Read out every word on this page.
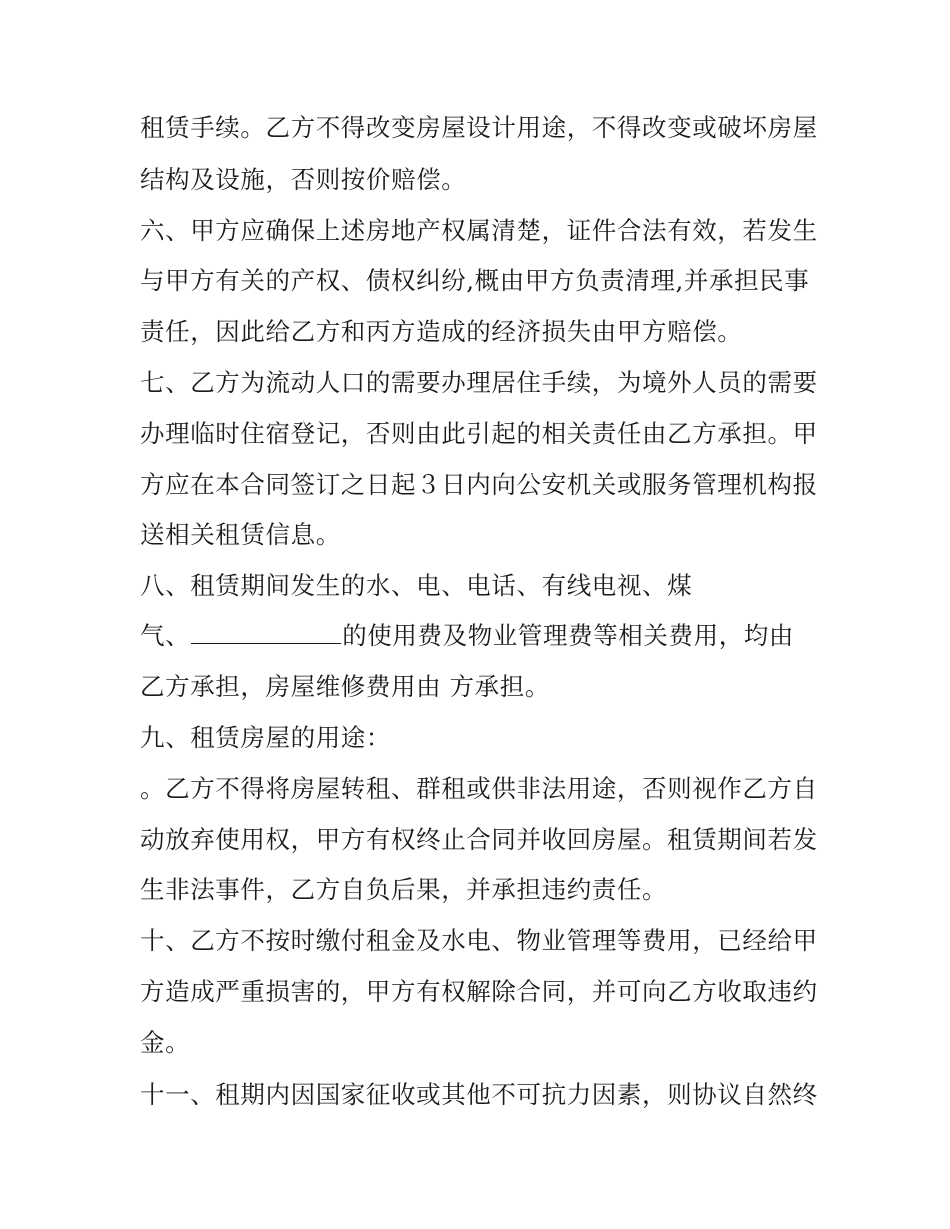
租赁手续。乙方不得改变房屋设计用途，不得改变或破坏房屋
结构及设施，否则按价赔偿。
六、甲方应确保上述房地产权属清楚，证件合法有效，若发生
与甲方有关的产权、债权纠纷,概由甲方负责清理,并承担民事
责任，因此给乙方和丙方造成的经济损失由甲方赔偿。
七、乙方为流动人口的需要办理居住手续，为境外人员的需要
办理临时住宿登记，否则由此引起的相关责任由乙方承担。甲
方应在本合同签订之日起３日内向公安机关或服务管理机构报
送相关租赁信息。
八、租赁期间发生的水、电、电话、有线电视、煤
气、	的使用费及物业管理费等相关费用，均由
乙方承担，房屋维修费用由 方承担。
九、租赁房屋的用途：
。乙方不得将房屋转租、群租或供非法用途，否则视作乙方自
动放弃使用权，甲方有权终止合同并收回房屋。租赁期间若发
生非法事件，乙方自负后果，并承担违约责任。
十、乙方不按时缴付租金及水电、物业管理等费用，已经给甲
方造成严重损害的，甲方有权解除合同，并可向乙方收取违约
金。
十一、租期内因国家征收或其他不可抗力因素，则协议自然终
